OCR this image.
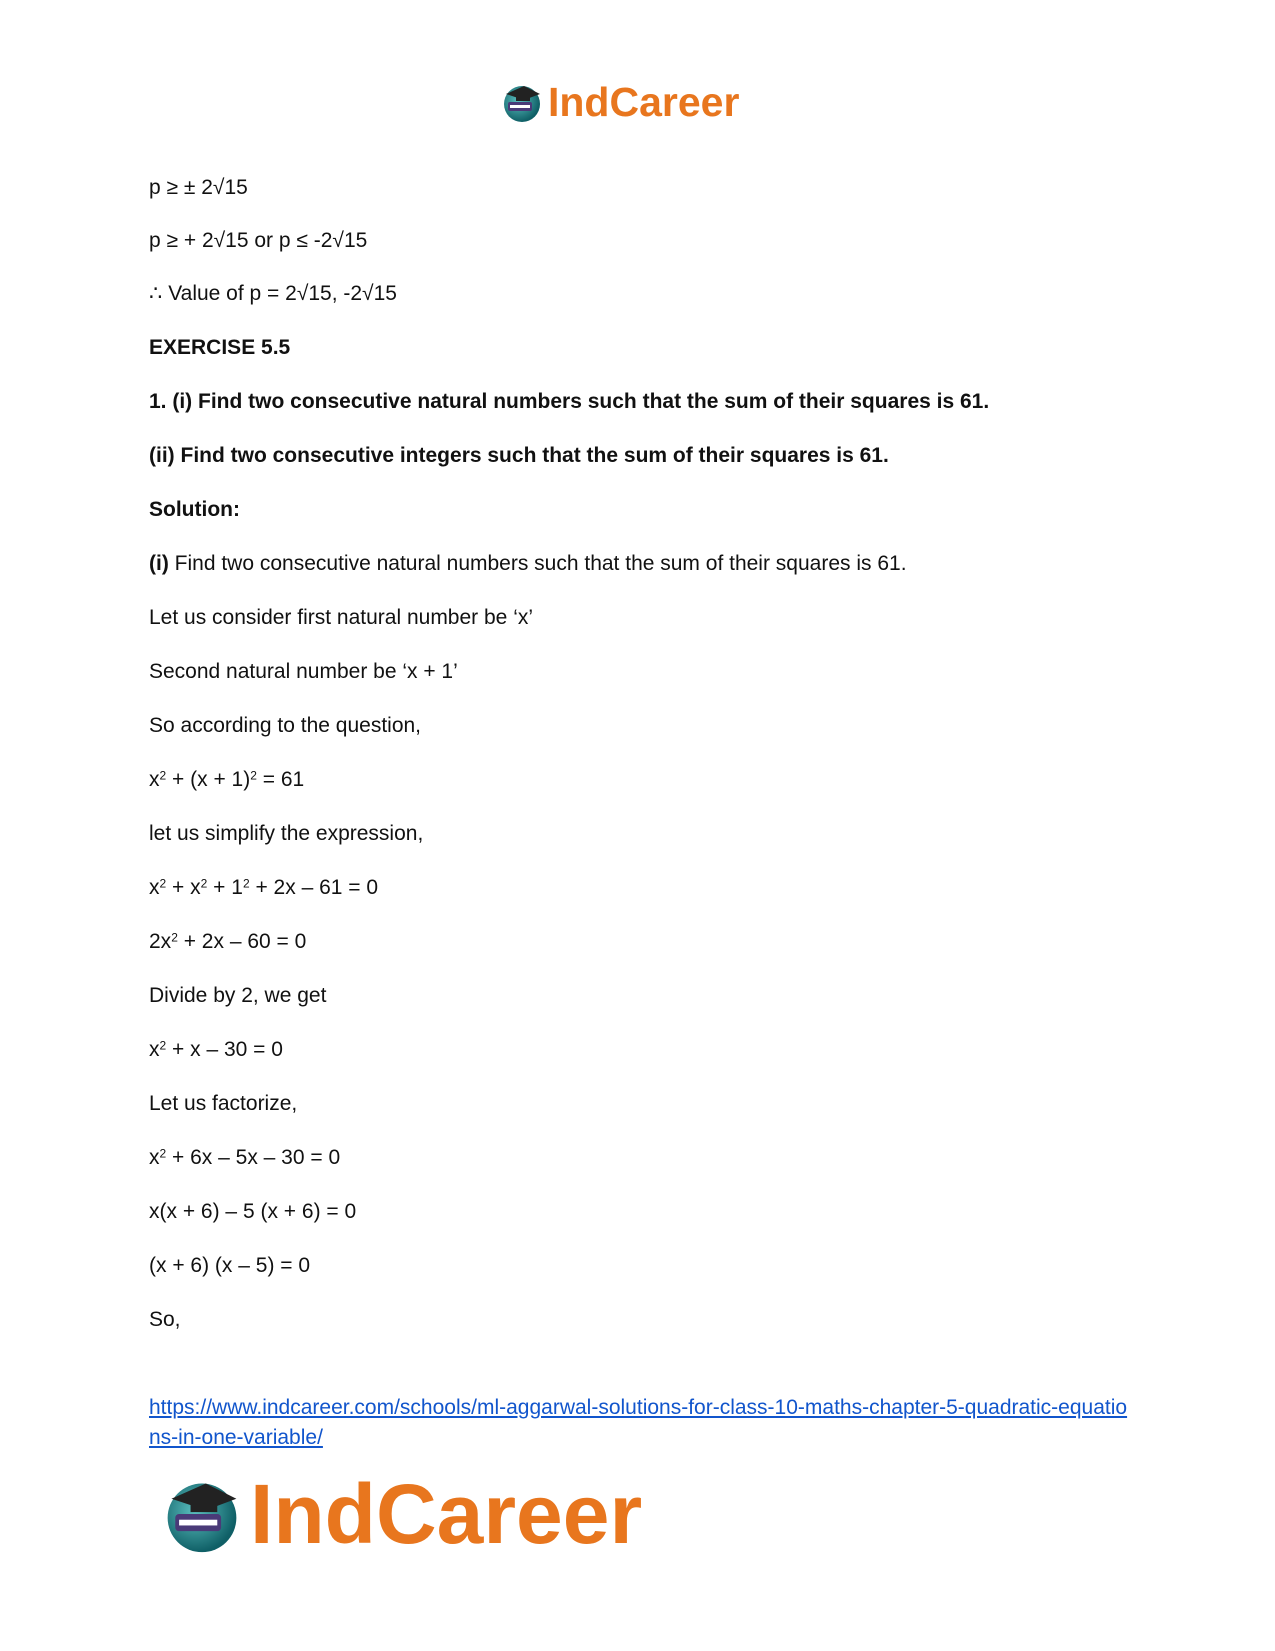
IndCareer

p ≥ ± 2√15

p ≥ + 2√15 or p ≤ -2√15

∴ Value of p = 2√15, -2√15

EXERCISE 5.5

1. (i) Find two consecutive natural numbers such that the sum of their squares is 61.

(ii) Find two consecutive integers such that the sum of their squares is 61.

Solution:

(i) Find two consecutive natural numbers such that the sum of their squares is 61.

Let us consider first natural number be ‘x’

Second natural number be ‘x + 1’

So according to the question,

$x^2 + (x + 1)^2 = 61$

let us simplify the expression,

$x^2 + x^2 + 1^2 + 2x - 61 = 0$

$2x^2 + 2x - 60 = 0$

Divide by 2, we get

$x^2 + x - 30 = 0$

Let us factorize,

$x^2 + 6x - 5x - 30 = 0$

x(x + 6) – 5 (x + 6) = 0

(x + 6) (x – 5) = 0

So,

https://www.indcareer.com/schools/ml-aggarwal-solutions-for-class-10-maths-chapter-5-quadratic-equations-in-one-variable/
IndCareer
